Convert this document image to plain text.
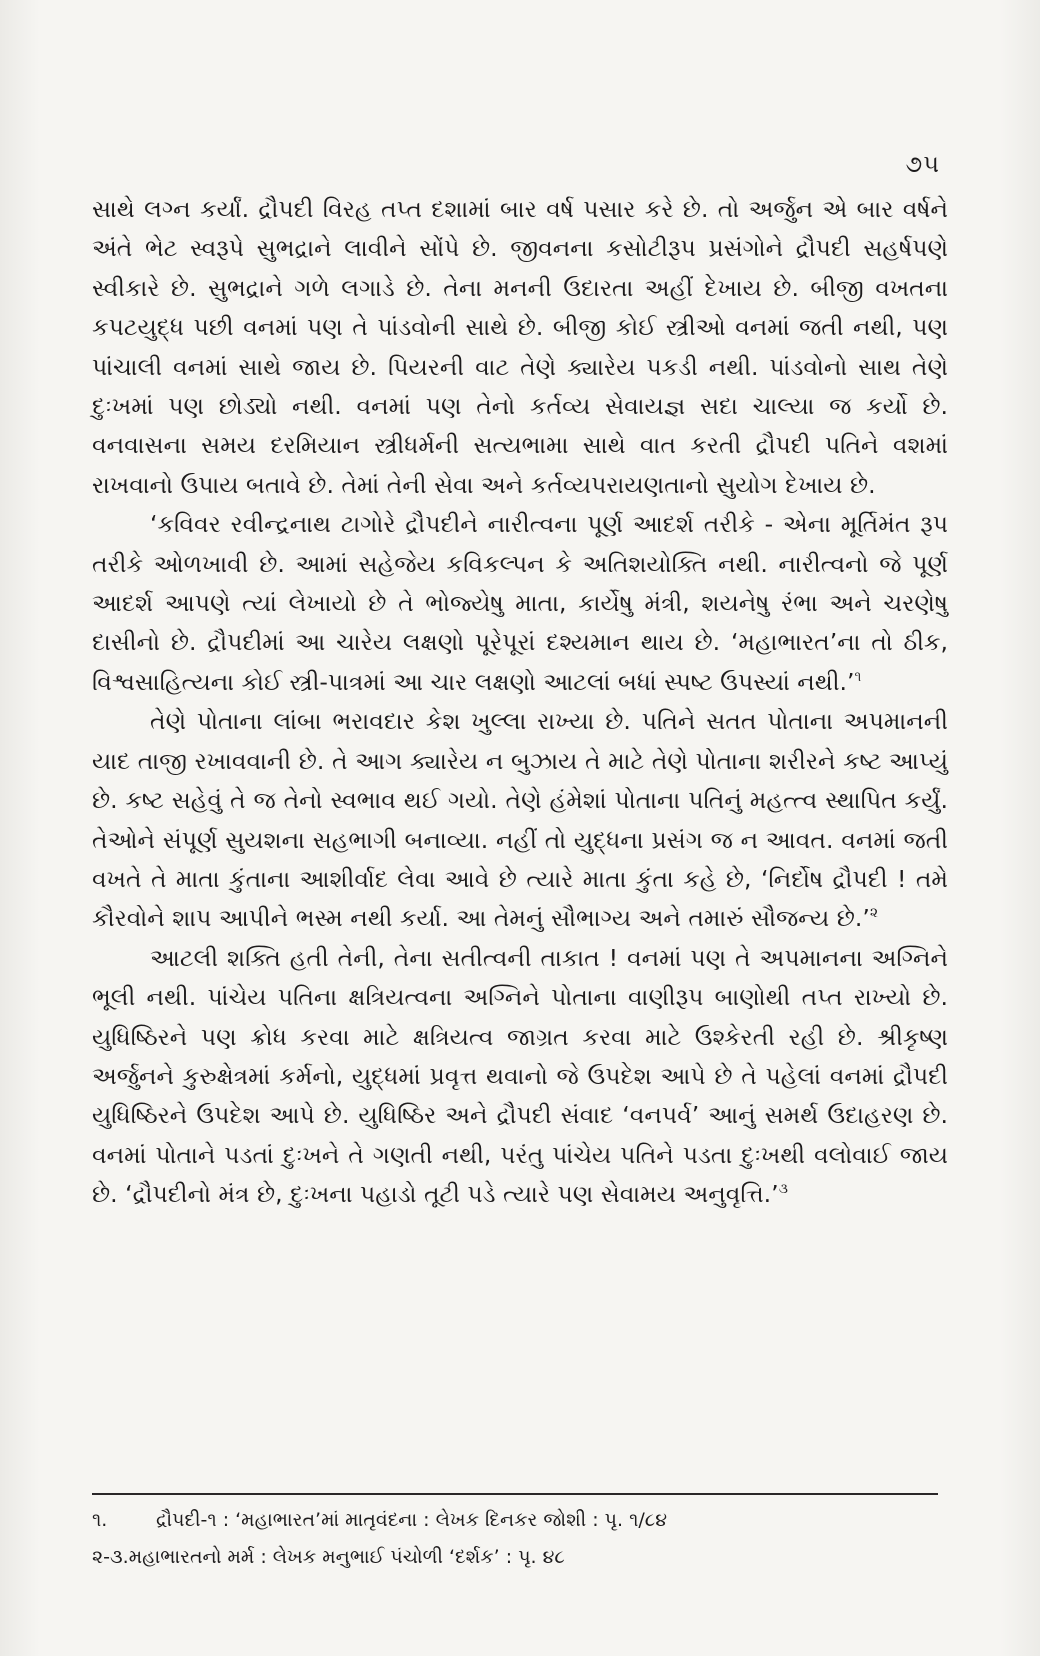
૭૫

સાથે લગ્ન કર્યાં. દ્રૌપદી વિરહ તપ્ત દશામાં બાર વર્ષ પસાર કરે છે. તો અર્જુન એ બાર વર્ષને અંતે ભેટ સ્વરૂપે સુભદ્રાને લાવીને સોંપે છે. જીવનના કસોટીરૂપ પ્રસંગોને દ્રૌપદી સહર્ષપણે સ્વીકારે છે. સુભદ્રાને ગળે લગાડે છે. તેના મનની ઉદારતા અહીં દેખાય છે. બીજી વખતના કપટયુદ્ધ પછી વનમાં પણ તે પાંડવોની સાથે છે. બીજી કોઈ સ્ત્રીઓ વનમાં જતી નથી, પણ પાંચાલી વનમાં સાથે જાય છે. પિયરની વાટ તેણે ક્યારેય પકડી નથી. પાંડવોનો સાથ તેણે દુઃખમાં પણ છોડ્યો નથી. વનમાં પણ તેનો કર્તવ્ય સેવાયજ્ઞ સદા ચાલ્યા જ કર્યો છે. વનવાસના સમય દરમિયાન સ્ત્રીધર્મની સત્યભામા સાથે વાત કરતી દ્રૌપદી પતિને વશમાં રાખવાનો ઉપાય બતાવે છે. તેમાં તેની સેવા અને કર્તવ્યપરાયણતાનો સુયોગ દેખાય છે.

‘કવિવર રવીન્દ્રનાથ ટાગોરે દ્રૌપદીને નારીત્વના પૂર્ણ આદર્શ તરીકે - એના મૂર્તિમંત રૂપ તરીકે ઓળખાવી છે. આમાં સહેજેય કવિકલ્પન કે અતિશયોક્તિ નથી. નારીત્વનો જે પૂર્ણ આદર્શ આપણે ત્યાં લેખાયો છે તે ભોજ્યેષુ માતા, કાર્યેષુ મંત્રી, શયનેષુ રંભા અને ચરણેષુ દાસીનો છે. દ્રૌપદીમાં આ ચારેય લક્ષણો પૂરેપૂરાં દશ્યમાન થાય છે. ‘મહાભારત’ના તો ઠીક, વિશ્વસાહિત્યના કોઈ સ્ત્રી-પાત્રમાં આ ચાર લક્ષણો આટલાં બધાં સ્પષ્ટ ઉપસ્યાં નથી.’$^૧$

તેણે પોતાના લાંબા ભરાવદાર કેશ ખુલ્લા રાખ્યા છે. પતિને સતત પોતાના અપમાનની યાદ તાજી રખાવવાની છે. તે આગ ક્યારેય ન બુઝાય તે માટે તેણે પોતાના શરીરને કષ્ટ આપ્યું છે. કષ્ટ સહેવું તે જ તેનો સ્વભાવ થઈ ગયો. તેણે હંમેશાં પોતાના પતિનું મહત્ત્વ સ્થાપિત કર્યું. તેઓને સંપૂર્ણ સુયશના સહભાગી બનાવ્યા. નહીં તો યુદ્ધના પ્રસંગ જ ન આવત. વનમાં જતી વખતે તે માતા કુંતાના આશીર્વાદ લેવા આવે છે ત્યારે માતા કુંતા કહે છે, ‘નિર્દોષ દ્રૌપદી ! તમે કૌરવોને શાપ આપીને ભસ્મ નથી કર્યા. આ તેમનું સૌભાગ્ય અને તમારું સૌજન્ય છે.’$^૨$

આટલી શક્તિ હતી તેની, તેના સતીત્વની તાકાત ! વનમાં પણ તે અપમાનના અગ્નિને ભૂલી નથી. પાંચેય પતિના ક્ષત્રિયત્વના અગ્નિને પોતાના વાણીરૂપ બાણોથી તપ્ત રાખ્યો છે. યુધિષ્ઠિરને પણ ક્રોધ કરવા માટે ક્ષત્રિયત્વ જાગ્રત કરવા માટે ઉશ્કેરતી રહી છે. શ્રીકૃષ્ણ અર્જુનને કુરુક્ષેત્રમાં કર્મનો, યુદ્ધમાં પ્રવૃત્ત થવાનો જે ઉપદેશ આપે છે તે પહેલાં વનમાં દ્રૌપદી યુધિષ્ઠિરને ઉપદેશ આપે છે. યુધિષ્ઠિર અને દ્રૌપદી સંવાદ ‘વનપર્વ’ આનું સમર્થ ઉદાહરણ છે. વનમાં પોતાને પડતાં દુઃખને તે ગણતી નથી, પરંતુ પાંચેય પતિને પડતા દુઃખથી વલોવાઈ જાય છે. ‘દ્રૌપદીનો મંત્ર છે, દુઃખના પહાડો તૂટી પડે ત્યારે પણ સેવામય અનુવૃત્તિ.’$^૩$

૧.	દ્રૌપદી-૧ : ‘મહાભારત’માં માતૃવંદના : લેખક દિનકર જોશી : પૃ. ૧/૮૪
૨-૩.મહાભારતનો મર્મ : લેખક મનુભાઈ પંચોળી ‘દર્શક’ : પૃ. ૪૮
